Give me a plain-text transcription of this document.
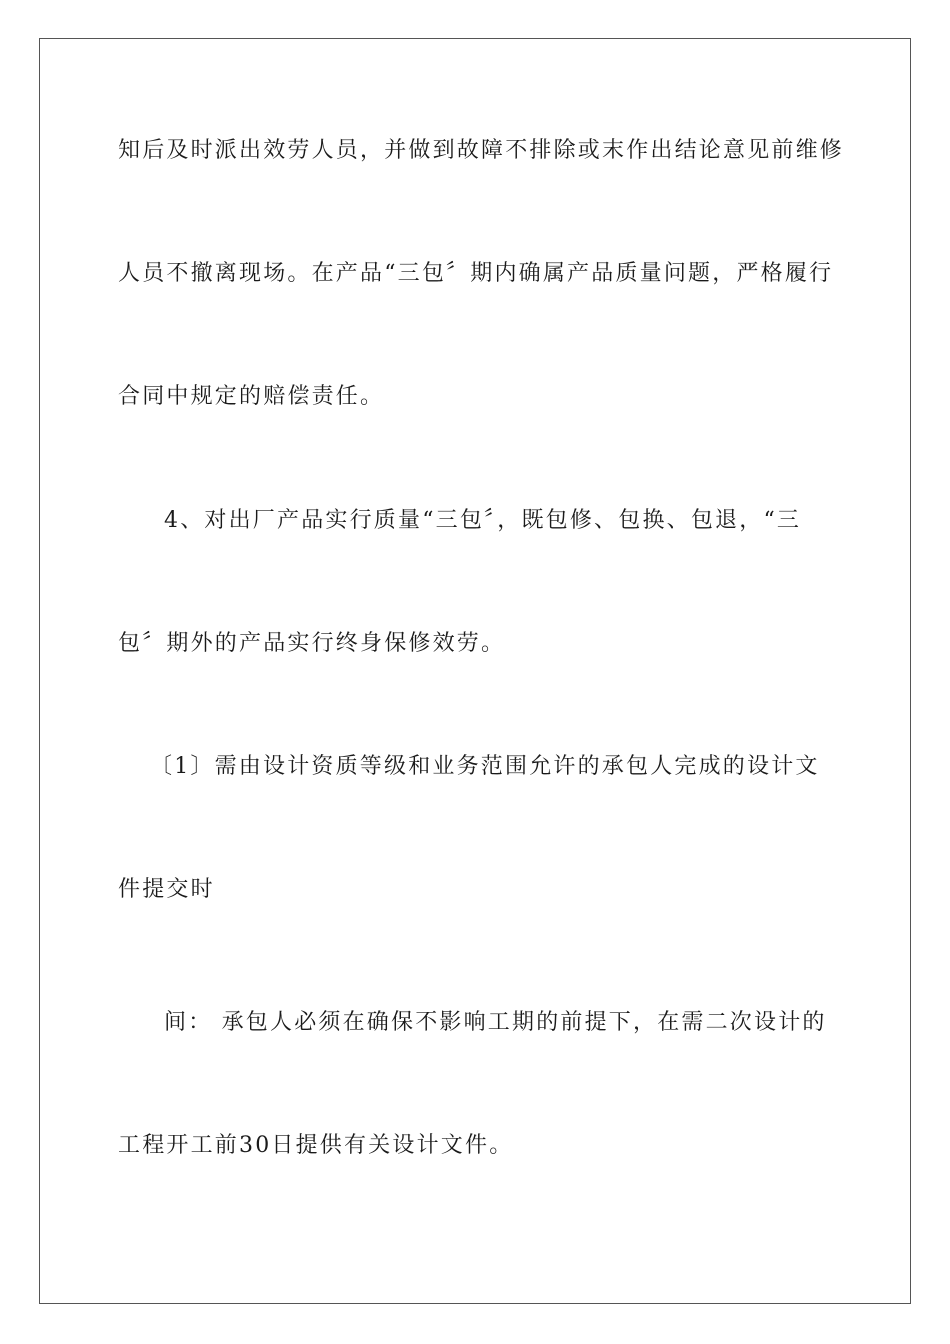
知后及时派出效劳人员，并做到故障不排除或末作出结论意见前维修
人员不撤离现场。在产品“三包〞期内确属产品质量问题，严格履行
合同中规定的赔偿责任。
4、对出厂产品实行质量“三包〞，既包修、包换、包退，“三
包〞期外的产品实行终身保修效劳。
〔1〕需由设计资质等级和业务范围允许的承包人完成的设计文
件提交时
间： 承包人必须在确保不影响工期的前提下，在需二次设计的
工程开工前30日提供有关设计文件。
